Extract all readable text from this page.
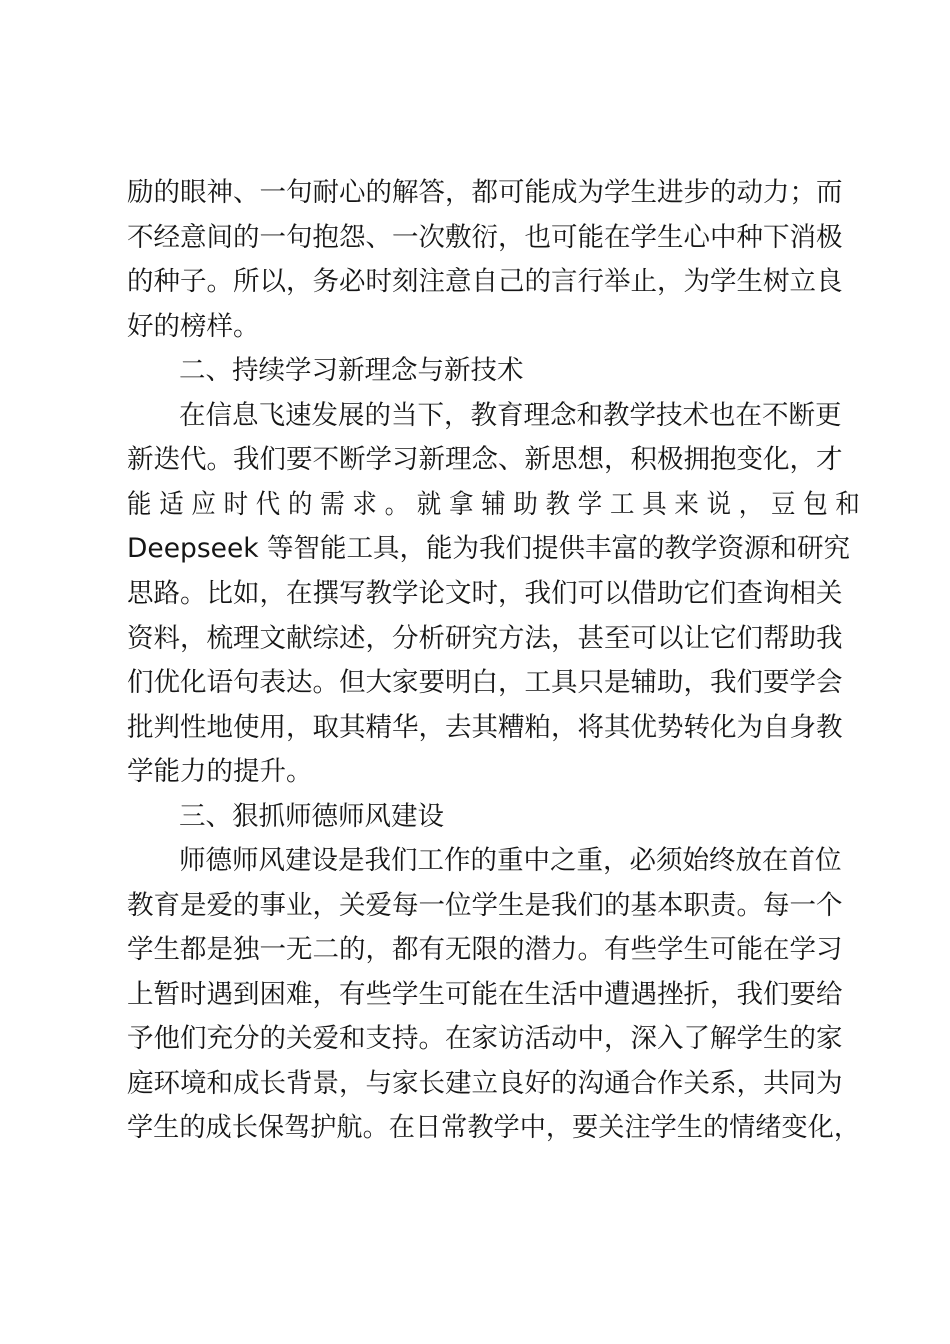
励的眼神、一句耐心的解答，都可能成为学生进步的动力；而
不经意间的一句抱怨、一次敷衍，也可能在学生心中种下消极
的种子。所以，务必时刻注意自己的言行举止，为学生树立良
好的榜样。
二、持续学习新理念与新技术
在信息飞速发展的当下，教育理念和教学技术也在不断更
新迭代。我们要不断学习新理念、新思想，积极拥抱变化，才
能 适 应 时 代 的 需 求 。 就 拿 辅 助 教 学 工 具 来 说 ， 豆 包 和
Deepseek 等智能工具，能为我们提供丰富的教学资源和研究
思路。比如，在撰写教学论文时，我们可以借助它们查询相关
资料，梳理文献综述，分析研究方法，甚至可以让它们帮助我
们优化语句表达。但大家要明白，工具只是辅助，我们要学会
批判性地使用，取其精华，去其糟粕，将其优势转化为自身教
学能力的提升。
三、狠抓师德师风建设
师德师风建设是我们工作的重中之重，必须始终放在首位
教育是爱的事业，关爱每一位学生是我们的基本职责。每一个
学生都是独一无二的，都有无限的潜力。有些学生可能在学习
上暂时遇到困难，有些学生可能在生活中遭遇挫折，我们要给
予他们充分的关爱和支持。在家访活动中，深入了解学生的家
庭环境和成长背景，与家长建立良好的沟通合作关系，共同为
学生的成长保驾护航。在日常教学中，要关注学生的情绪变化，
